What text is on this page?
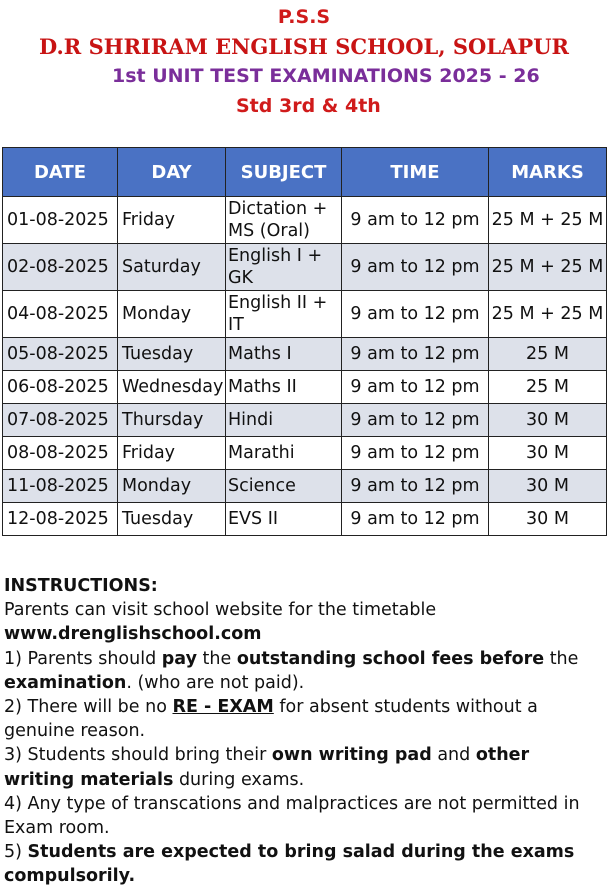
P.S.S
D.R SHRIRAM ENGLISH SCHOOL, SOLAPUR
1st UNIT TEST EXAMINATIONS 2025 - 26
Std 3rd & 4th
DATE	DAY	SUBJECT	TIME	MARKS
01-08-2025	Friday	Dictation + MS (Oral)	9 am to 12 pm	25 M + 25 M
02-08-2025	Saturday	English I + GK	9 am to 12 pm	25 M + 25 M
04-08-2025	Monday	English II + IT	9 am to 12 pm	25 M + 25 M
05-08-2025	Tuesday	Maths I	9 am to 12 pm	25 M
06-08-2025	Wednesday	Maths II	9 am to 12 pm	25 M
07-08-2025	Thursday	Hindi	9 am to 12 pm	30 M
08-08-2025	Friday	Marathi	9 am to 12 pm	30 M
11-08-2025	Monday	Science	9 am to 12 pm	30 M
12-08-2025	Tuesday	EVS II	9 am to 12 pm	30 M

INSTRUCTIONS:

Parents can visit school website for the timetable

www.drenglishschool.com

1) Parents should pay the outstanding school fees before the examination. (who are not paid).

2) There will be no RE - EXAM for absent students without a genuine reason.

3) Students should bring their own writing pad and other writing materials during exams.

4) Any type of transcations and malpractices are not permitted in Exam room.

5) Students are expected to bring salad during the exams compulsorily.
